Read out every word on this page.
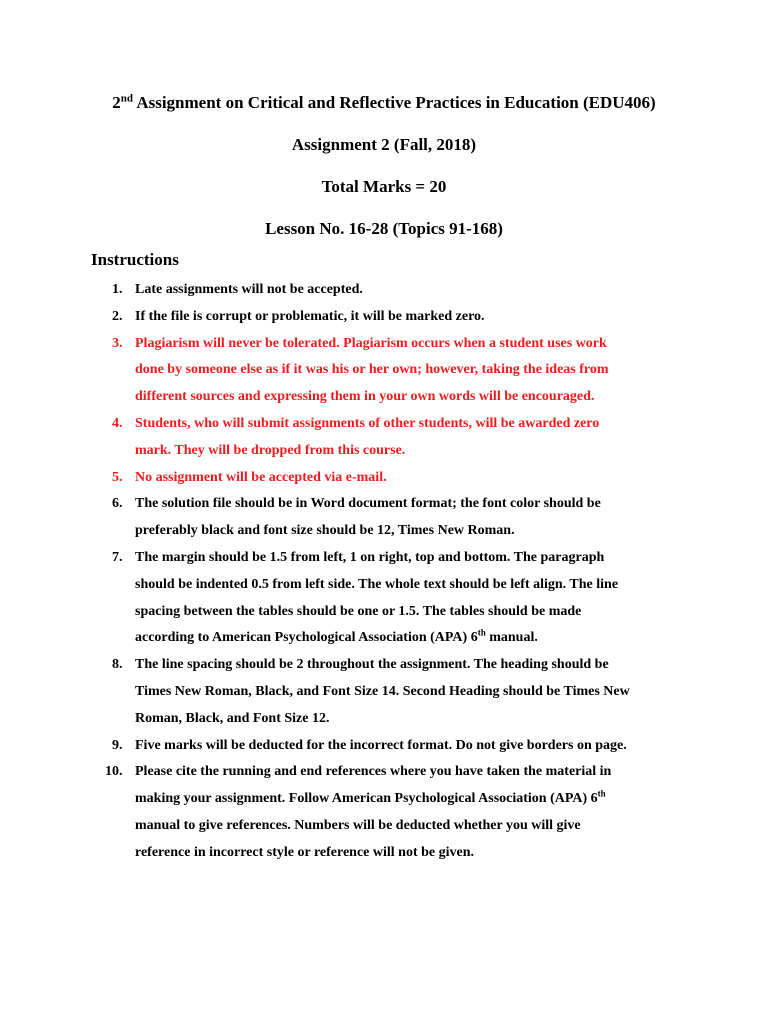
2nd Assignment on Critical and Reflective Practices in Education (EDU406)
Assignment 2 (Fall, 2018)
Total Marks = 20
Lesson No. 16-28 (Topics 91-168)
Instructions
1. Late assignments will not be accepted.
2. If the file is corrupt or problematic, it will be marked zero.
3. Plagiarism will never be tolerated. Plagiarism occurs when a student uses work
done by someone else as if it was his or her own; however, taking the ideas from
different sources and expressing them in your own words will be encouraged.
4. Students, who will submit assignments of other students, will be awarded zero
mark. They will be dropped from this course.
5. No assignment will be accepted via e-mail.
6. The solution file should be in Word document format; the font color should be
preferably black and font size should be 12, Times New Roman.
7. The margin should be 1.5 from left, 1 on right, top and bottom. The paragraph
should be indented 0.5 from left side. The whole text should be left align. The line
spacing between the tables should be one or 1.5. The tables should be made
according to American Psychological Association (APA) 6th manual.
8. The line spacing should be 2 throughout the assignment. The heading should be
Times New Roman, Black, and Font Size 14. Second Heading should be Times New
Roman, Black, and Font Size 12.
9. Five marks will be deducted for the incorrect format. Do not give borders on page.
10. Please cite the running and end references where you have taken the material in
making your assignment. Follow American Psychological Association (APA) 6th
manual to give references. Numbers will be deducted whether you will give
reference in incorrect style or reference will not be given.
